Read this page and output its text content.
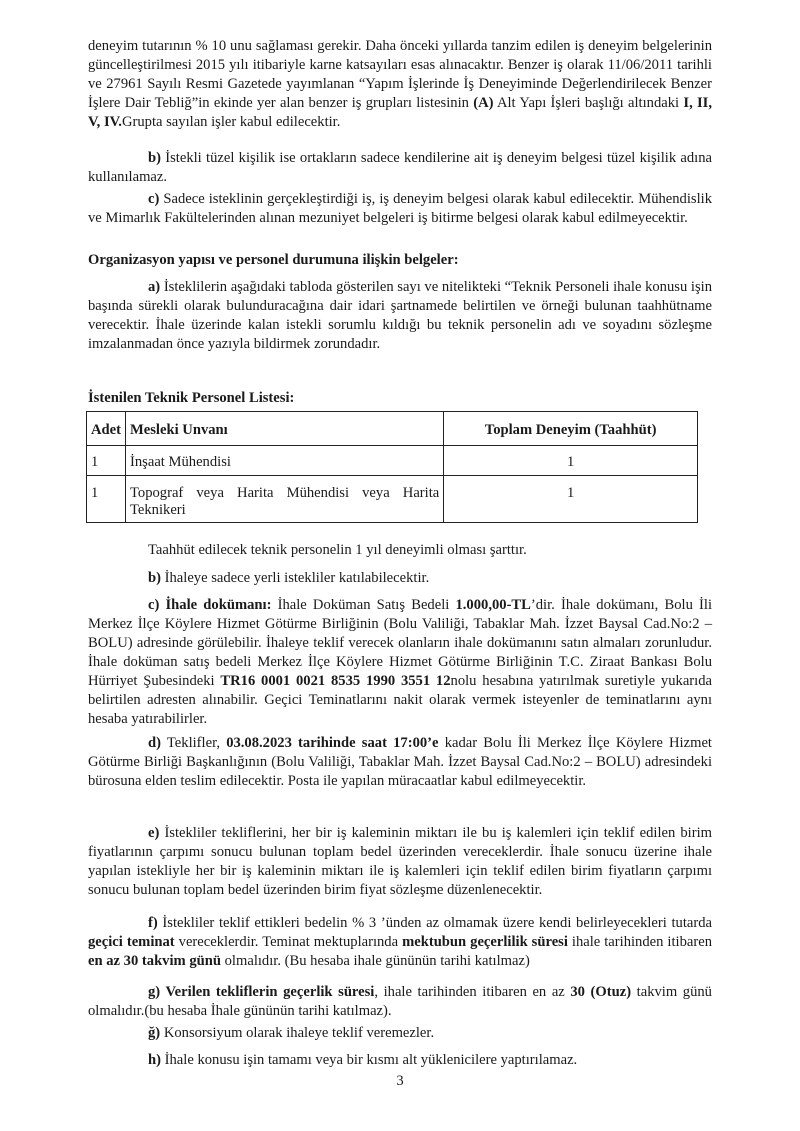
deneyim tutarının % 10 unu sağlaması gerekir. Daha önceki yıllarda tanzim edilen iş deneyim belgelerinin güncelleştirilmesi 2015 yılı itibariyle karne katsayıları esas alınacaktır. Benzer iş olarak 11/06/2011 tarihli ve 27961 Sayılı Resmi Gazetede yayımlanan “Yapım İşlerinde İş Deneyiminde Değerlendirilecek Benzer İşlere Dair Tebliğ”in ekinde yer alan benzer iş grupları listesinin (A) Alt Yapı İşleri başlığı altındaki I, II, V, IV.Grupta sayılan işler kabul edilecektir.

b) İstekli tüzel kişilik ise ortakların sadece kendilerine ait iş deneyim belgesi tüzel kişilik adına kullanılamaz.

c) Sadece isteklinin gerçekleştirdiği iş, iş deneyim belgesi olarak kabul edilecektir. Mühendislik ve Mimarlık Fakültelerinden alınan mezuniyet belgeleri iş bitirme belgesi olarak kabul edilmeyecektir.

Organizasyon yapısı ve personel durumuna ilişkin belgeler:

a) İsteklilerin aşağıdaki tabloda gösterilen sayı ve nitelikteki “Teknik Personeli ihale konusu işin başında sürekli olarak bulunduracağına dair idari şartnamede belirtilen ve örneği bulunan taahhütname verecektir. İhale üzerinde kalan istekli sorumlu kıldığı bu teknik personelin adı ve soyadını sözleşme imzalanmadan önce yazıyla bildirmek zorundadır.

İstenilen Teknik Personel Listesi:

Adet	Mesleki Unvanı	Toplam Deneyim (Taahhüt)
1	İnşaat Mühendisi	1
1	Topograf veya Harita Mühendisi veya Harita Teknikeri	1

Taahhüt edilecek teknik personelin 1 yıl deneyimli olması şarttır.

b) İhaleye sadece yerli istekliler katılabilecektir.

c) İhale dokümanı: İhale Doküman Satış Bedeli 1.000,00-TL’dir. İhale dokümanı, Bolu İli Merkez İlçe Köylere Hizmet Götürme Birliğinin (Bolu Valiliği, Tabaklar Mah. İzzet Baysal Cad.No:2 – BOLU) adresinde görülebilir. İhaleye teklif verecek olanların ihale dokümanını satın almaları zorunludur. İhale doküman satış bedeli Merkez İlçe Köylere Hizmet Götürme Birliğinin T.C. Ziraat Bankası Bolu Hürriyet Şubesindeki TR16 0001 0021 8535 1990 3551 12nolu hesabına yatırılmak suretiyle yukarıda belirtilen adresten alınabilir. Geçici Teminatlarını nakit olarak vermek isteyenler de teminatlarını aynı hesaba yatırabilirler.

d) Teklifler, 03.08.2023 tarihinde saat 17:00’e kadar Bolu İli Merkez İlçe Köylere Hizmet Götürme Birliği Başkanlığının (Bolu Valiliği, Tabaklar Mah. İzzet Baysal Cad.No:2 – BOLU) adresindeki bürosuna elden teslim edilecektir. Posta ile yapılan müracaatlar kabul edilmeyecektir.

e) İstekliler tekliflerini, her bir iş kaleminin miktarı ile bu iş kalemleri için teklif edilen birim fiyatlarının çarpımı sonucu bulunan toplam bedel üzerinden vereceklerdir. İhale sonucu üzerine ihale yapılan istekliyle her bir iş kaleminin miktarı ile iş kalemleri için teklif edilen birim fiyatların çarpımı sonucu bulunan toplam bedel üzerinden birim fiyat sözleşme düzenlenecektir.

f) İstekliler teklif ettikleri bedelin % 3 ’ünden az olmamak üzere kendi belirleyecekleri tutarda geçici teminat vereceklerdir. Teminat mektuplarında mektubun geçerlilik süresi ihale tarihinden itibaren en az 30 takvim günü olmalıdır. (Bu hesaba ihale gününün tarihi katılmaz)

g) Verilen tekliflerin geçerlik süresi, ihale tarihinden itibaren en az 30 (Otuz) takvim günü olmalıdır.(bu hesaba İhale gününün tarihi katılmaz).

ğ) Konsorsiyum olarak ihaleye teklif veremezler.

h) İhale konusu işin tamamı veya bir kısmı alt yüklenicilere yaptırılamaz.

3
